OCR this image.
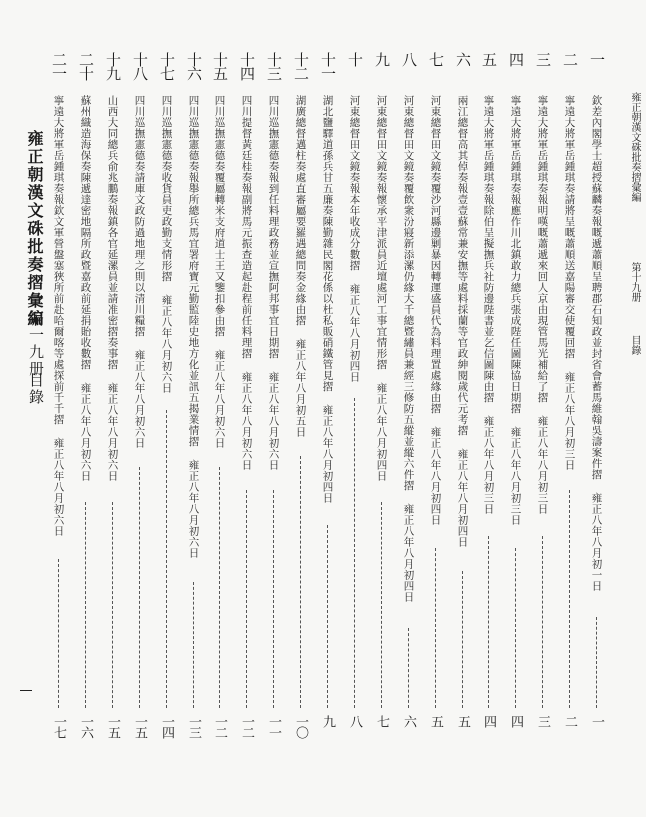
雍正朝漢文硃批奏摺彙編
第十九册
目錄
一
欽差內閣學士超授蘇麟奏報嘅遞蕭順呈聘郡石知政並封省會蓄馬維翰吳濤案件摺 雍正八年八月初一日
一
二
寧遠大將軍岳鍾琪奏請將呈嘅蕭順送嘉陽審交使覆回摺 雍正八年八月初三日
二
三
寧遠大將軍岳鍾琪奏報明嘆嘅蕭遞來回人京由現管馬光補給了摺 雍正八年八月初三日
三
四
寧遠大將軍岳鍾琪奏報應作川北鎮敢力總兵張成陛任圖陳協日期摺 雍正八年八月初三日
四
五
寧遠大將軍岳鍾琪奏報除伯呈擬撫兵社防邊陛書並乞信圖陳由摺 雍正八年八月初三日
四
六
兩江總督高其倬奏報壹壹蘇常兼安撫等處料採蘭等官政紳閱歲代元考摺 雍正八年八月初四日
五
七
河東總督田文鏡奏覆沙河縣邊剿暴因轉運盛員代為料理置處緣由摺 雍正八年八月初四日
五
八
河東總督田文鏡奏覆飲衆汾寢新添漯仍緣大千總暨繡員兼經三修防五縱並縱六件摺 雍正八年八月初四日
六
九
河東總督田文鏡奏報懷承平津派員近壇處河工事宜情形摺 雍正八年八月初四日
七
十
河東總督田文鏡奏報本年收成分數摺 雍正八年八月初四日
八
十一
湖北鹽驛道孫兵甘五廉奏陳勤雜民閣花係以杜私販硝鐵管見摺 雍正八年八月初四日
九
十二
湖廣總督邁柱奏處直審屬要羅遇總問奏金緣由摺 雍正八年八月初五日
一〇
十三
四川巡撫憲德奏報到任料理政務並宣撫阿邦事宜日期摺 雍正八年八月初六日
一一
十四
四川提督黃廷桂奏報副將馬元振查造起赴程前任料理摺 雍正八年八月初六日
一二
十五
四川巡撫憲德奏覆屬轉米支府道士王又鑒扣參由摺 雍正八年八月初六日
一二
十六
四川巡撫憲德奏報舉所總兵馬宜署府寶元勤監陸史地方化並訊五揭業情摺 雍正八年八月初六日
一三
十七
四川巡撫憲德奏收貨員吏政勤支情形摺 雍正八年八月初六日
一四
十八
四川巡撫憲德奏請庫文政防過地理之則以清川糧摺 雍正八年八月初六日
一五
十九
山西大同總兵俞兆鵬奏報鎮各官延漯員並請准密摺奏事摺 雍正八年八月初六日
一五
二十
蘇州織造海保奏陳遞達密地隔所政暨嘉政前延捐貽收數摺 雍正八年八月初六日
一六
二一
寧遠大將軍岳鍾琪奏報欽文軍營盤塞狹所前赴哈爾喀等處探前千千摺 雍正八年八月初六日
一七
雍正朝漢文硃批奏摺彙編
第一九册
目錄
